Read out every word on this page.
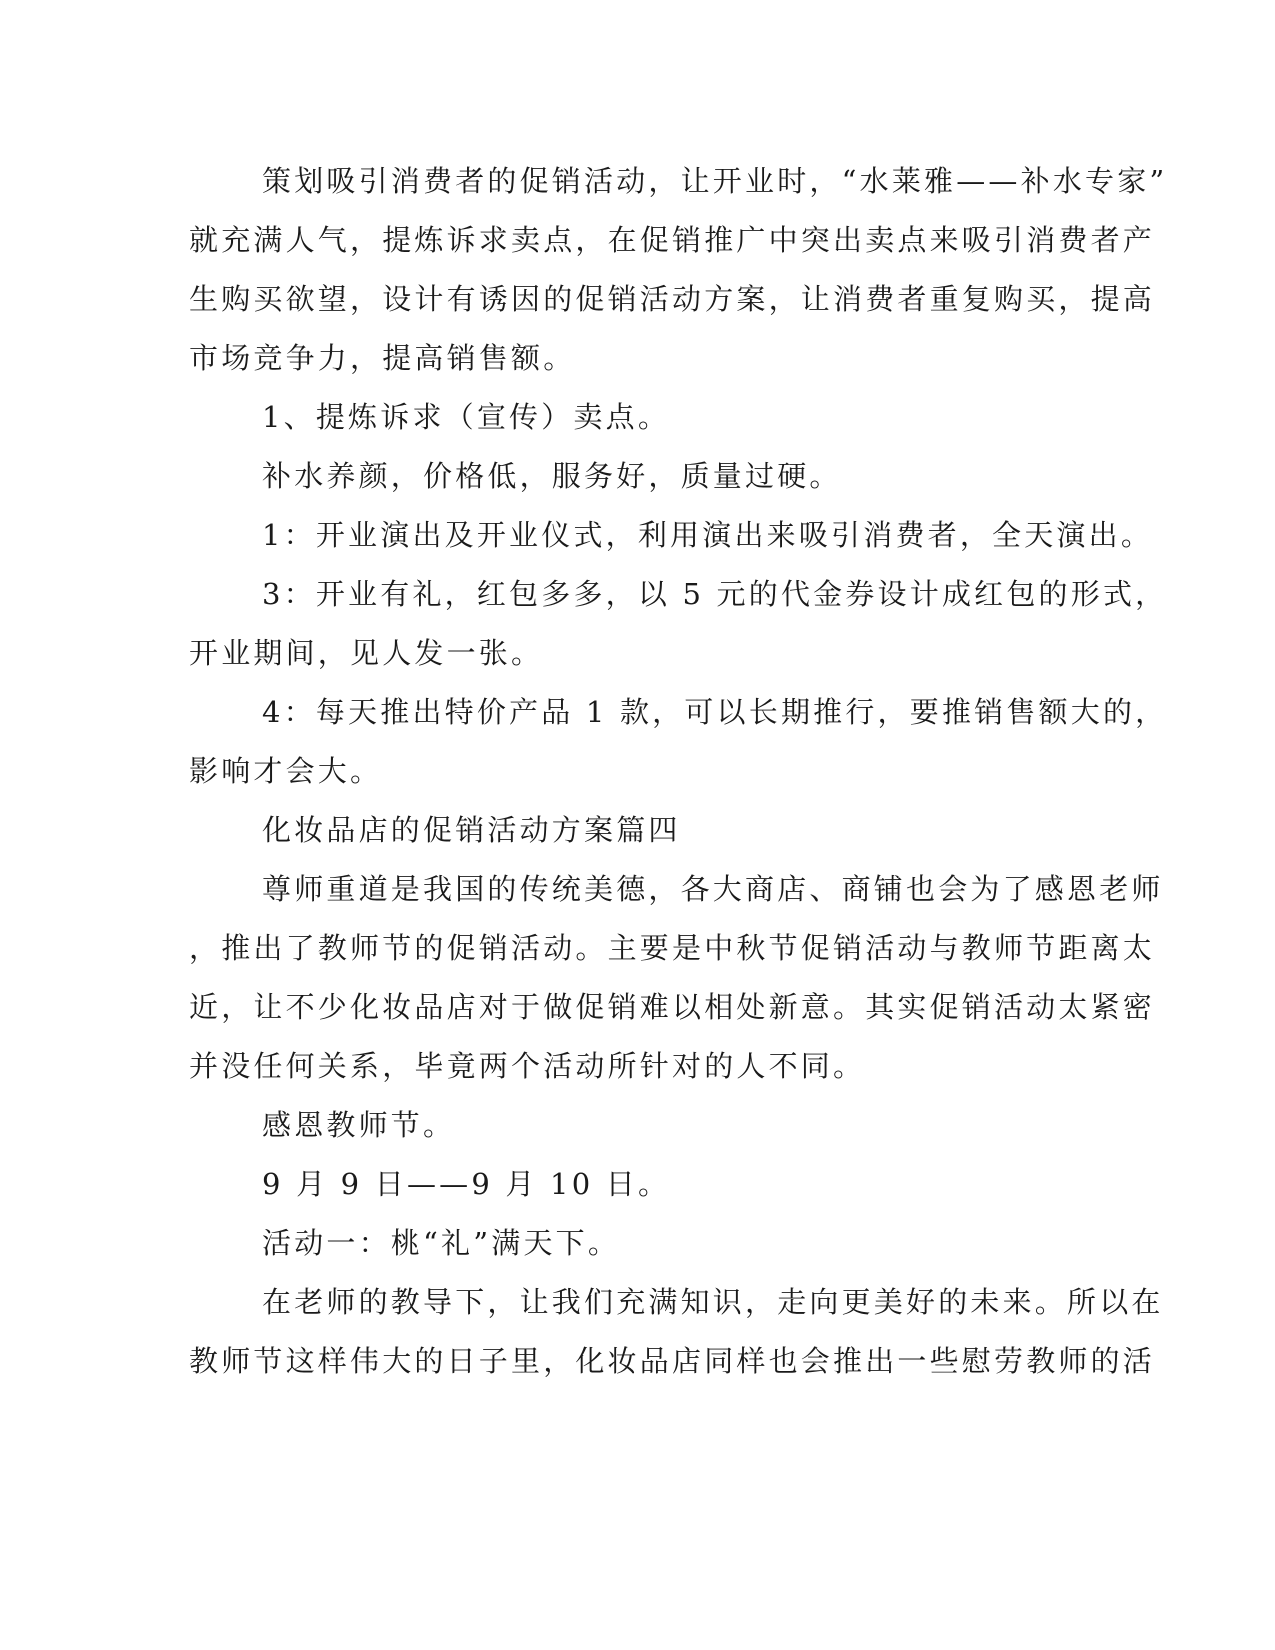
策划吸引消费者的促销活动，让开业时，“水莱雅——补水专家”
就充满人气，提炼诉求卖点，在促销推广中突出卖点来吸引消费者产
生购买欲望，设计有诱因的促销活动方案，让消费者重复购买，提高
市场竞争力，提高销售额。
1、提炼诉求（宣传）卖点。
补水养颜，价格低，服务好，质量过硬。
1：开业演出及开业仪式，利用演出来吸引消费者，全天演出。
3：开业有礼，红包多多，以 5 元的代金券设计成红包的形式，
开业期间，见人发一张。
4：每天推出特价产品 1 款，可以长期推行，要推销售额大的，
影响才会大。
化妆品店的促销活动方案篇四
尊师重道是我国的传统美德，各大商店、商铺也会为了感恩老师
，推出了教师节的促销活动。主要是中秋节促销活动与教师节距离太
近，让不少化妆品店对于做促销难以相处新意。其实促销活动太紧密
并没任何关系，毕竟两个活动所针对的人不同。
感恩教师节。
9 月 9 日——9 月 10 日。
活动一：桃“礼”满天下。
在老师的教导下，让我们充满知识，走向更美好的未来。所以在
教师节这样伟大的日子里，化妆品店同样也会推出一些慰劳教师的活
